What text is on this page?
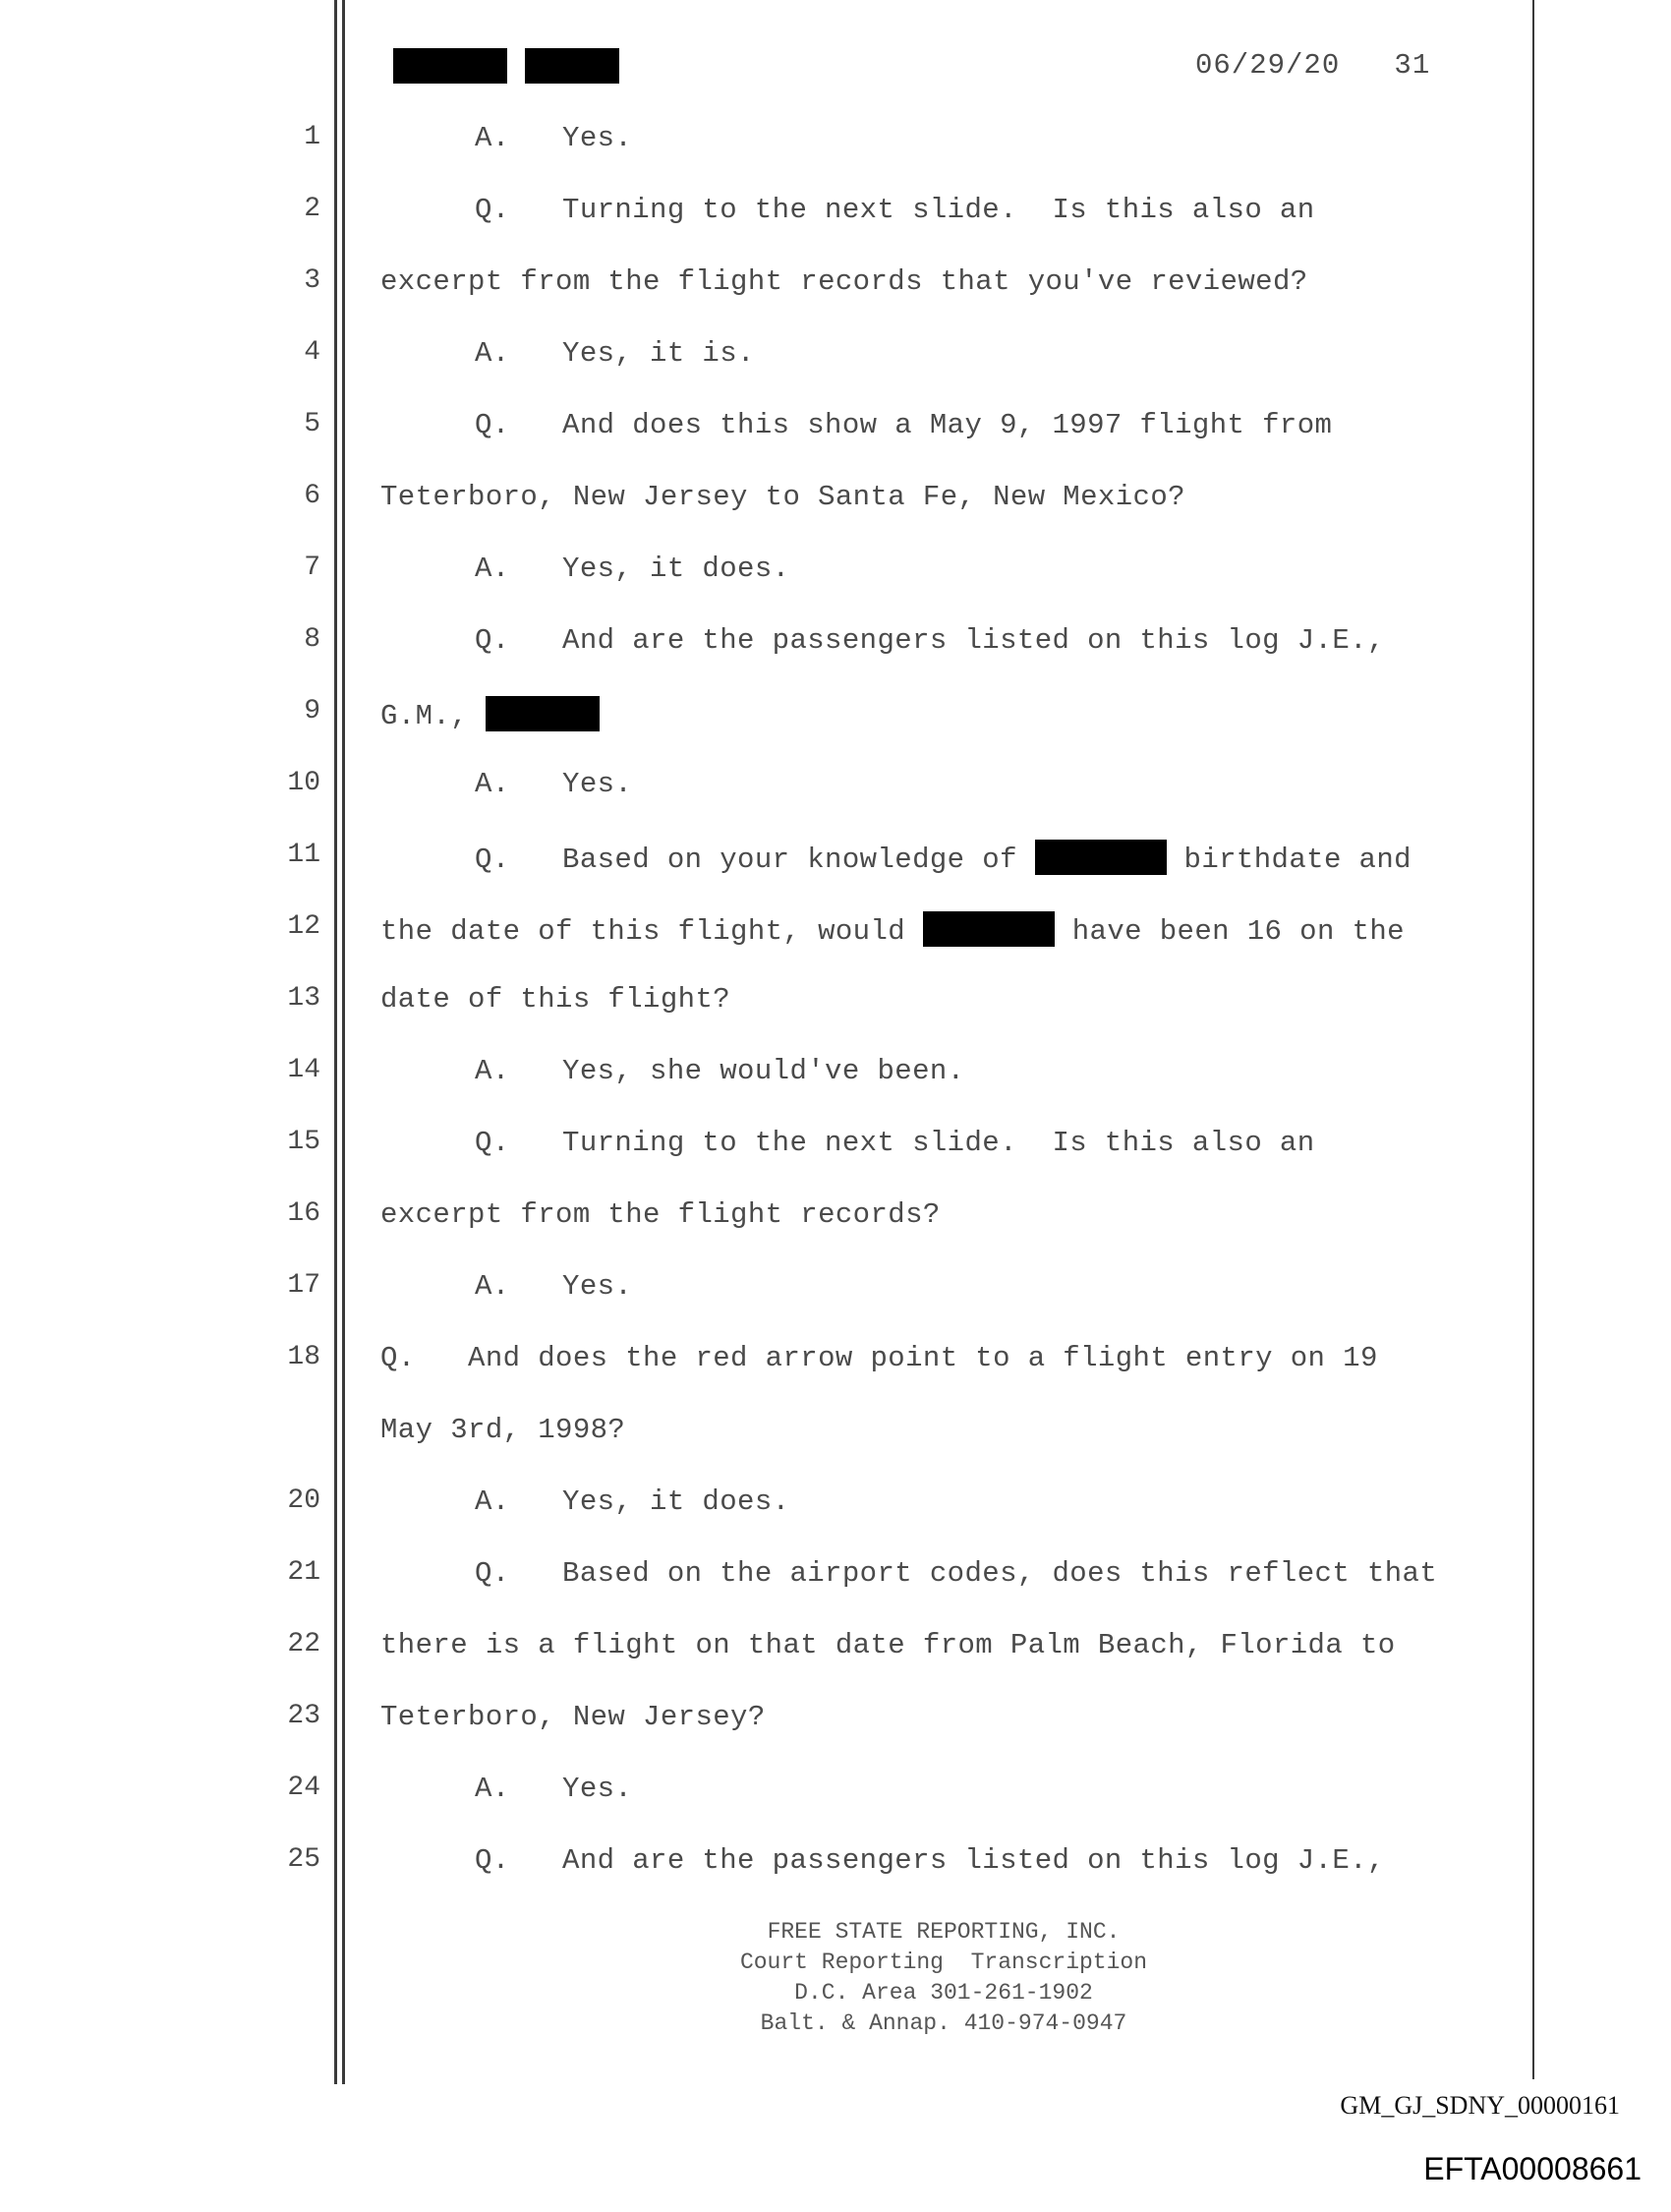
06/29/20   31
1	A.   Yes.
2	Q.   Turning to the next slide.  Is this also an
3 excerpt from the flight records that you've reviewed?
4	A.   Yes, it is.
5	Q.   And does this show a May 9, 1997 flight from
6 Teterboro, New Jersey to Santa Fe, New Mexico?
7	A.   Yes, it does.
8	Q.   And are the passengers listed on this log J.E.,
9 G.M.,
10	A.   Yes.
11	Q.   Based on your knowledge of	birthdate and
12 the date of this flight, would	have been 16 on the
13 date of this flight?
14	A.   Yes, she would've been.
15	Q.   Turning to the next slide.  Is this also an
16 excerpt from the flight records?
17	A.   Yes.
18 Q.   And does the red arrow point to a flight entry on 19
May 3rd, 1998?
20	A.   Yes, it does.
21	Q.   Based on the airport codes, does this reflect that
22 there is a flight on that date from Palm Beach, Florida to
23 Teterboro, New Jersey?
24	A.   Yes.
25	Q.   And are the passengers listed on this log J.E.,
FREE STATE REPORTING, INC.
Court Reporting  Transcription
D.C. Area 301-261-1902
Balt. & Annap. 410-974-0947
GM_GJ_SDNY_00000161
EFTA00008661
